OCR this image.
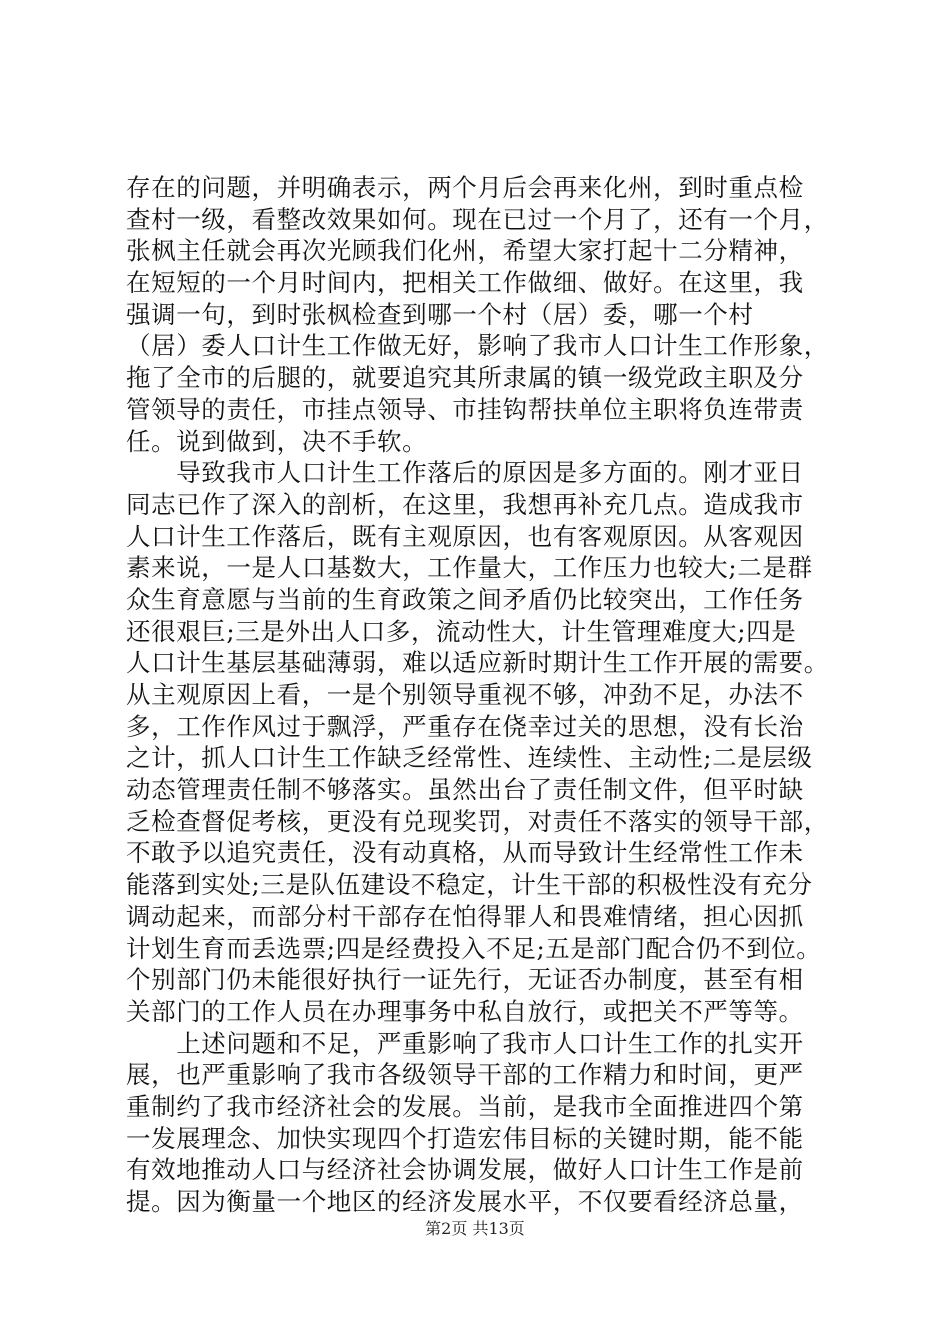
存在的问题，并明确表示，两个月后会再来化州，到时重点检
查村一级，看整改效果如何。现在已过一个月了，还有一个月，
张枫主任就会再次光顾我们化州，希望大家打起十二分精神，
在短短的一个月时间内，把相关工作做细、做好。在这里，我
强调一句，到时张枫检查到哪一个村（居）委，哪一个村
（居）委人口计生工作做无好，影响了我市人口计生工作形象，
拖了全市的后腿的，就要追究其所隶属的镇一级党政主职及分
管领导的责任，市挂点领导、市挂钩帮扶单位主职将负连带责
任。说到做到，决不手软。
　　导致我市人口计生工作落后的原因是多方面的。刚才亚日
同志已作了深入的剖析，在这里，我想再补充几点。造成我市
人口计生工作落后，既有主观原因，也有客观原因。从客观因
素来说，一是人口基数大，工作量大，工作压力也较大;二是群
众生育意愿与当前的生育政策之间矛盾仍比较突出，工作任务
还很艰巨;三是外出人口多，流动性大，计生管理难度大;四是
人口计生基层基础薄弱，难以适应新时期计生工作开展的需要。
从主观原因上看，一是个别领导重视不够，冲劲不足，办法不
多，工作作风过于飘浮，严重存在侥幸过关的思想，没有长治
之计，抓人口计生工作缺乏经常性、连续性、主动性;二是层级
动态管理责任制不够落实。虽然出台了责任制文件，但平时缺
乏检查督促考核，更没有兑现奖罚，对责任不落实的领导干部，
不敢予以追究责任，没有动真格，从而导致计生经常性工作未
能落到实处;三是队伍建设不稳定，计生干部的积极性没有充分
调动起来，而部分村干部存在怕得罪人和畏难情绪，担心因抓
计划生育而丢选票;四是经费投入不足;五是部门配合仍不到位。
个别部门仍未能很好执行一证先行，无证否办制度，甚至有相
关部门的工作人员在办理事务中私自放行，或把关不严等等。
　　上述问题和不足，严重影响了我市人口计生工作的扎实开
展，也严重影响了我市各级领导干部的工作精力和时间，更严
重制约了我市经济社会的发展。当前，是我市全面推进四个第
一发展理念、加快实现四个打造宏伟目标的关键时期，能不能
有效地推动人口与经济社会协调发展，做好人口计生工作是前
提。因为衡量一个地区的经济发展水平，不仅要看经济总量，
第2页 共13页
